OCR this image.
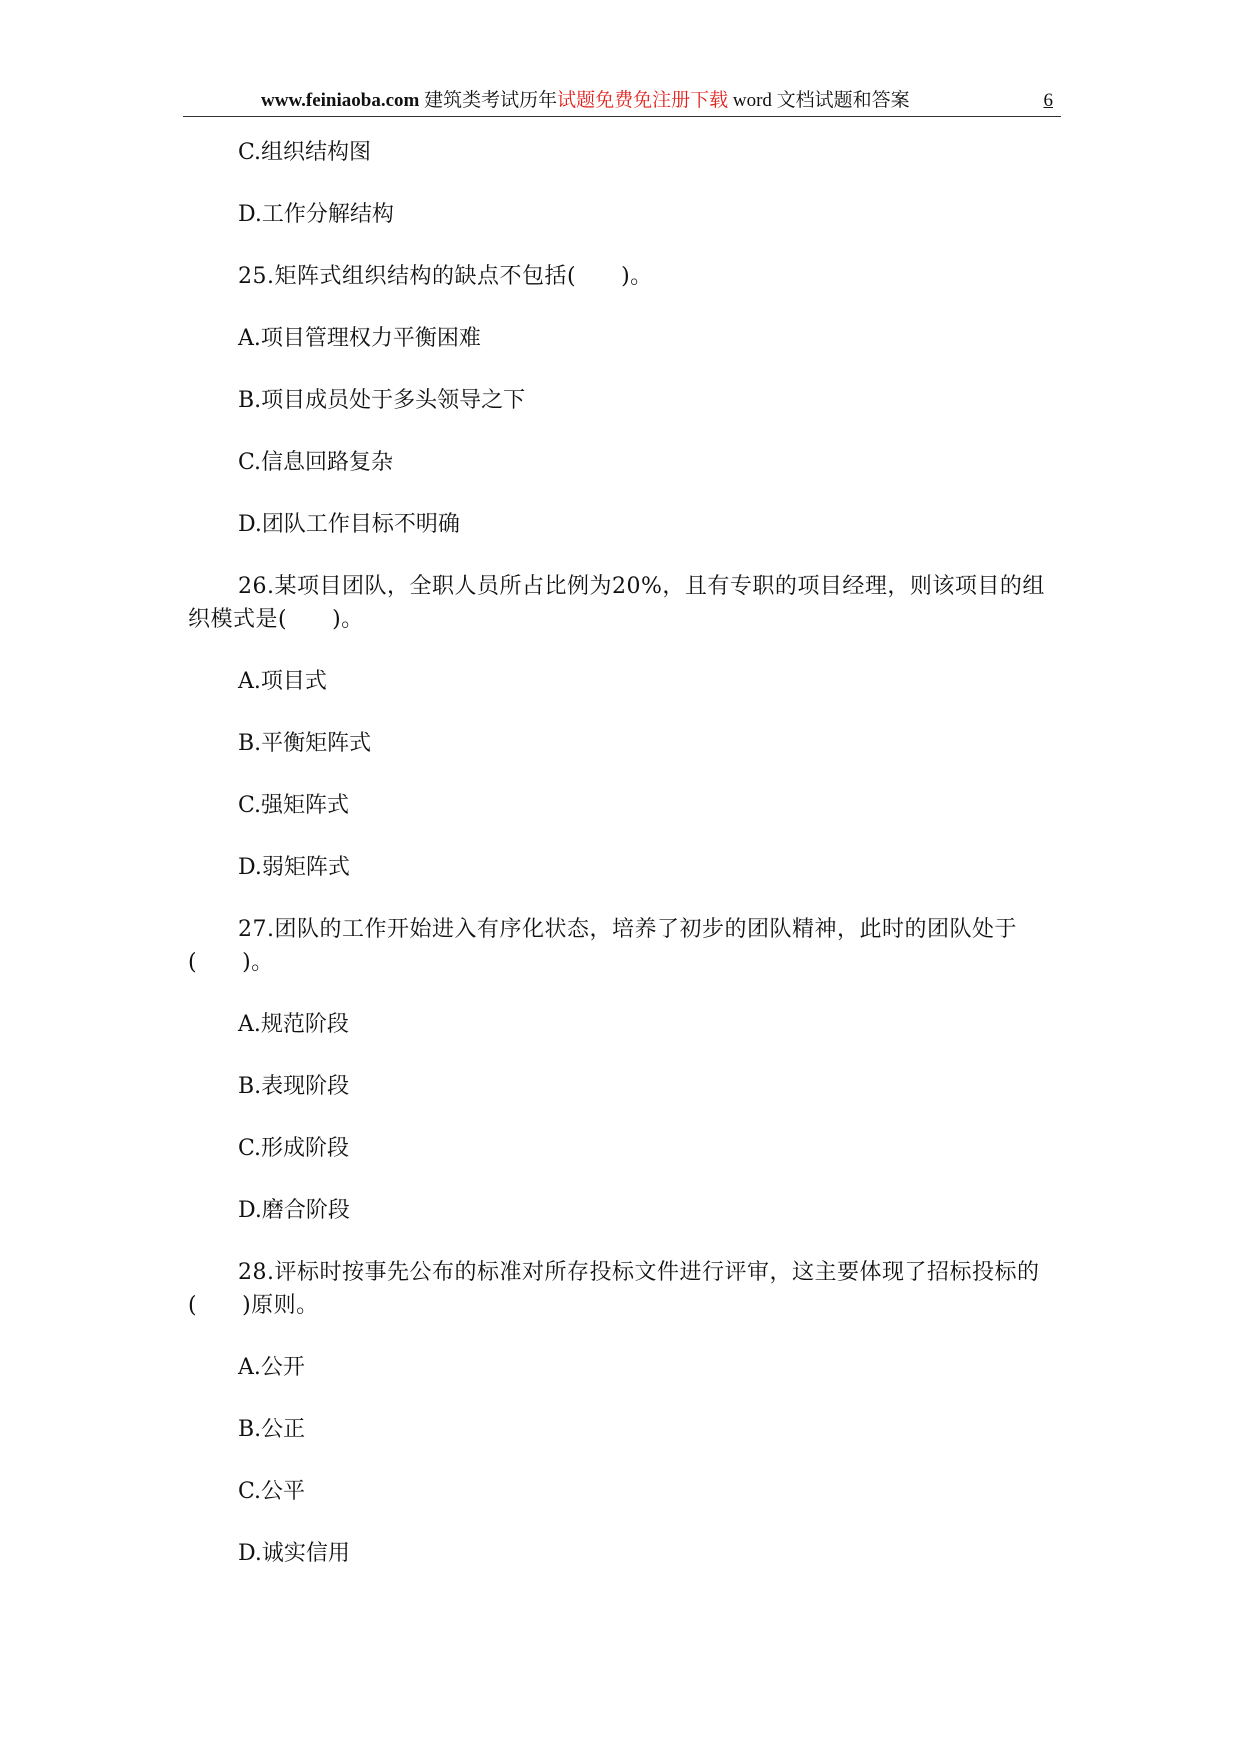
www.feiniaoba.com 建筑类考试历年试题免费免注册下载 word 文档试题和答案	6

C.组织结构图

D.工作分解结构

25.矩阵式组织结构的缺点不包括(　　)。

A.项目管理权力平衡困难

B.项目成员处于多头领导之下

C.信息回路复杂

D.团队工作目标不明确

26.某项目团队，全职人员所占比例为20%，且有专职的项目经理，则该项目的组织模式是(　　)。

A.项目式

B.平衡矩阵式

C.强矩阵式

D.弱矩阵式

27.团队的工作开始进入有序化状态，培养了初步的团队精神，此时的团队处于(　　)。

A.规范阶段

B.表现阶段

C.形成阶段

D.磨合阶段

28.评标时按事先公布的标准对所存投标文件进行评审，这主要体现了招标投标的(　　)原则。

A.公开

B.公正

C.公平

D.诚实信用
